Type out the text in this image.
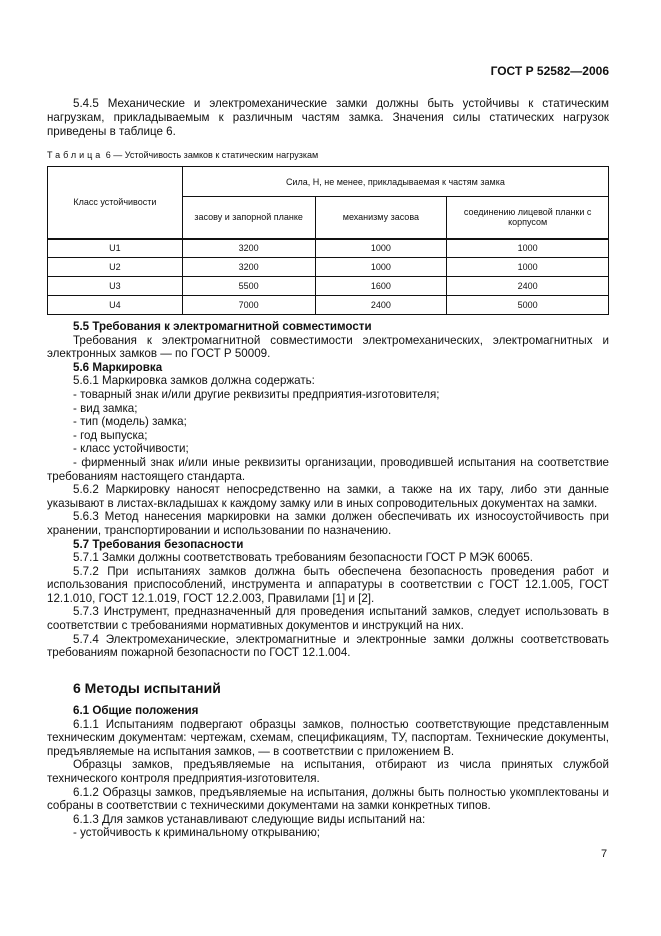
ГОСТ Р 52582—2006

5.4.5 Механические и электромеханические замки должны быть устойчивы к статическим нагрузкам, прикладываемым к различным частям замка. Значения силы статических нагрузок приведены в таблице 6.

Таблица 6 — Устойчивость замков к статическим нагрузкам
Класс устойчивости	Сила, Н, не менее, прикладываемая к частям замка		
	засову и запорной планке	механизму засова	соединению лицевой планки с корпусом
U1	3200	1000	1000
U2	3200	1000	1000
U3	5500	1600	2400
U4	7000	2400	5000

5.5 Требования к электромагнитной совместимости

Требования к электромагнитной совместимости электромеханических, электромагнитных и электронных замков — по ГОСТ Р 50009.

5.6 Маркировка

5.6.1 Маркировка замков должна содержать:

- товарный знак и/или другие реквизиты предприятия-изготовителя;

- вид замка;

- тип (модель) замка;

- год выпуска;

- класс устойчивости;

- фирменный знак и/или иные реквизиты организации, проводившей испытания на соответствие требованиям настоящего стандарта.

5.6.2 Маркировку наносят непосредственно на замки, а также на их тару, либо эти данные указывают в листах-вкладышах к каждому замку или в иных сопроводительных документах на замки.

5.6.3 Метод нанесения маркировки на замки должен обеспечивать их износоустойчивость при хранении, транспортировании и использовании по назначению.

5.7 Требования безопасности

5.7.1 Замки должны соответствовать требованиям безопасности ГОСТ Р МЭК 60065.

5.7.2 При испытаниях замков должна быть обеспечена безопасность проведения работ и использования приспособлений, инструмента и аппаратуры в соответствии с ГОСТ 12.1.005, ГОСТ 12.1.010, ГОСТ 12.1.019, ГОСТ 12.2.003, Правилами [1] и [2].

5.7.3 Инструмент, предназначенный для проведения испытаний замков, следует использовать в соответствии с требованиями нормативных документов и инструкций на них.

5.7.4 Электромеханические, электромагнитные и электронные замки должны соответствовать требованиям пожарной безопасности по ГОСТ 12.1.004.

6 Методы испытаний

6.1 Общие положения

6.1.1 Испытаниям подвергают образцы замков, полностью соответствующие представленным техническим документам: чертежам, схемам, спецификациям, ТУ, паспортам. Технические документы, предъявляемые на испытания замков, — в соответствии с приложением В.

Образцы замков, предъявляемые на испытания, отбирают из числа принятых службой технического контроля предприятия-изготовителя.

6.1.2 Образцы замков, предъявляемые на испытания, должны быть полностью укомплектованы и собраны в соответствии с техническими документами на замки конкретных типов.

6.1.3 Для замков устанавливают следующие виды испытаний на:

- устойчивость к криминальному открыванию;

7
